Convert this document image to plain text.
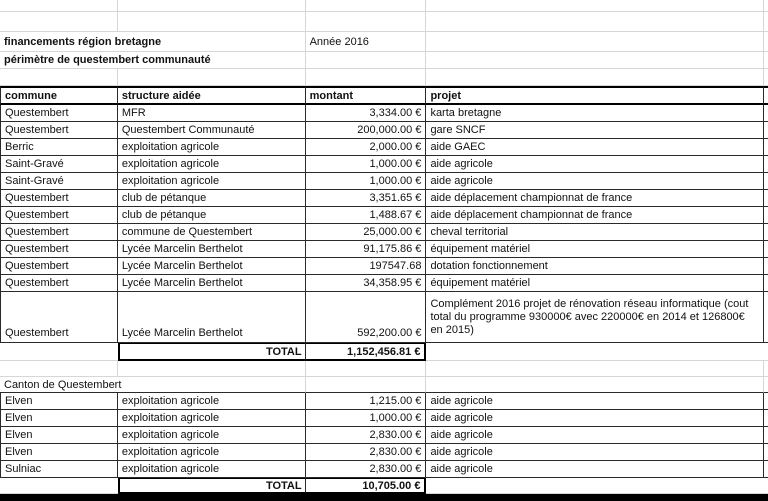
financements région bretagne	Année 2016
périmètre de questembert communauté
commune	structure aidée	montant	projet
Questembert	MFR	3,334.00 € karta bretagne
Questembert	Questembert Communauté	200,000.00 € gare SNCF
Berric	exploitation agricole	2,000.00 € aide GAEC
Saint-Gravé	exploitation agricole	1,000.00 € aide agricole
Saint-Gravé	exploitation agricole	1,000.00 € aide agricole
Questembert	club de pétanque	3,351.65 € aide déplacement championnat de france
Questembert	club de pétanque	1,488.67 € aide déplacement championnat de france
Questembert	commune de Questembert	25,000.00 € cheval territorial
Questembert	Lycée Marcelin Berthelot	91,175.86 € équipement matériel
Questembert	Lycée Marcelin Berthelot	197547.68 dotation fonctionnement
Questembert	Lycée Marcelin Berthelot	34,358.95 € équipement matériel
Questembert	Lycée Marcelin Berthelot	592,200.00 €
Complément 2016 projet de rénovation réseau informatique (cout total du programme 930000€ avec 220000€ en 2014 et 126800€ en 2015)
TOTAL	1,152,456.81 €
Canton de Questembert
Elven	exploitation agricole	1,215.00 € aide agricole
Elven	exploitation agricole	1,000.00 € aide agricole
Elven	exploitation agricole	2,830.00 € aide agricole
Elven	exploitation agricole	2,830.00 € aide agricole
Sulniac	exploitation agricole	2,830.00 € aide agricole
TOTAL	10,705.00 €
